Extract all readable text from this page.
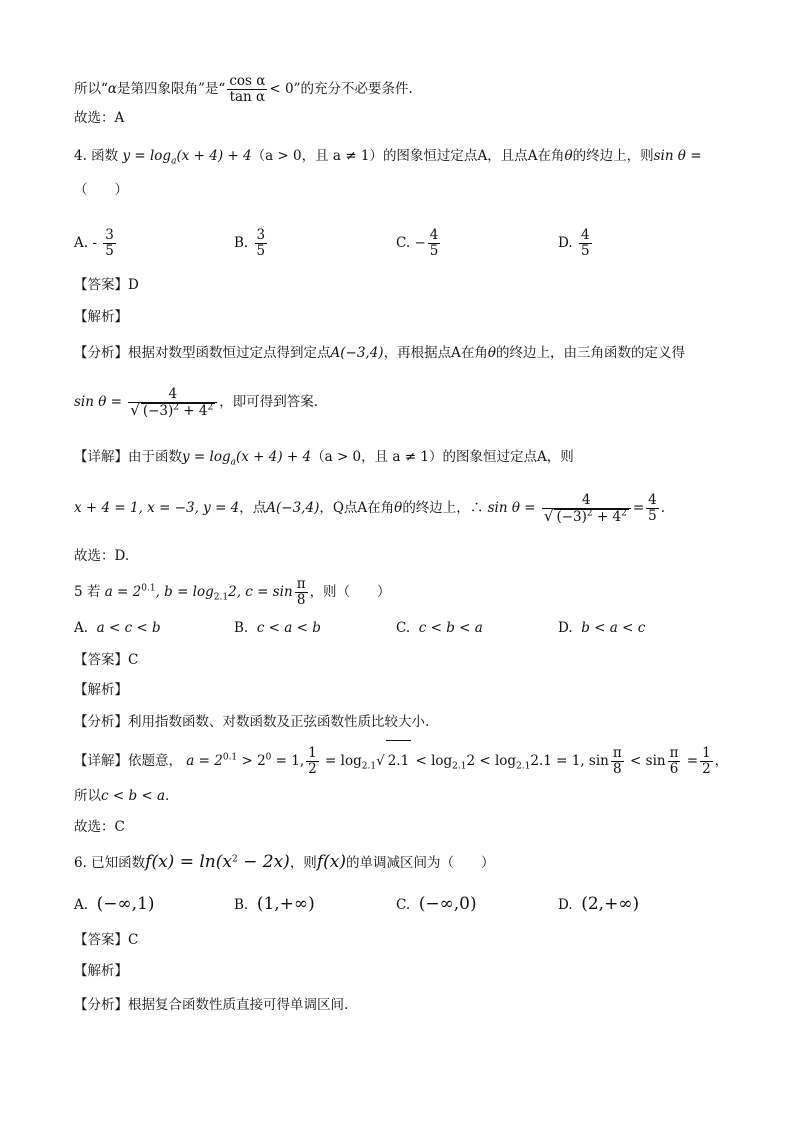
所以“α是第四象限角”是“ $\frac{\text{cos α}}{\text{tan α}} < 0$”的充分不必要条件.
故选：A
4. 函数 $y = \log_a(x + 4) + 4(a > 0$，且 a ≠ 1）的图象恒过定点A，且点A在角θ的终边上，则sin θ =
（　　）
A. - $\frac{3}{5}$	B. $\frac{3}{5}$	C. − $\frac{4}{5}$	D. $\frac{4}{5}$
【答案】D
【解析】
【分析】根据对数型函数恒过定点得到定点A(−3,4)，再根据点A在角θ的终边上，由三角函数的定义得
$\sin \theta = \frac{4}{√ (-3)^2 + 4^2}$ ，即可得到答案.
【详解】由于函数$y = \log_a(x + 4) + 4(a > 0$，且 a ≠ 1）的图象恒过定点A，则
x + 4 = 1, x = −3, y = 4，点A(−3,4)，Q点A在角θ的终边上，∴ $\sin \theta = \frac{4}{√ (-3)^2 + 4^2} = \frac{4}{5}$ .
故选：D.
5 若 $a = 2^{0.1}$, $b = \log_{2.1}2$, $c = \sin \frac{\pi}{8}$ ，则（　　）
A. a < c < b	B. c < a < b	C. c < b < a	D. b < a < c
【答案】C
【解析】
【分析】利用指数函数、对数函数及正弦函数性质比较大小.
【详解】依题意， $a = 2^{0.1} > 2^0 = 1$, $\frac{1}{2} = \log_{2.1}√$ $2.1 < \log_{2.1}2 < \log_{2.1}2.1 = 1$, $\sin \frac{\pi}{8} < \sin \frac{\pi}{6} = \frac{1}{2}$ ，
所以c < b < a.
故选：C
6. 已知函数$f(x) = \ln(x^2 - 2x)$，则f(x)的单调减区间为（　　）
A. (−∞,1)	B. (1,+∞)	C. (−∞,0)	D. (2,+∞)
【答案】C
【解析】
【分析】根据复合函数性质直接可得单调区间.
